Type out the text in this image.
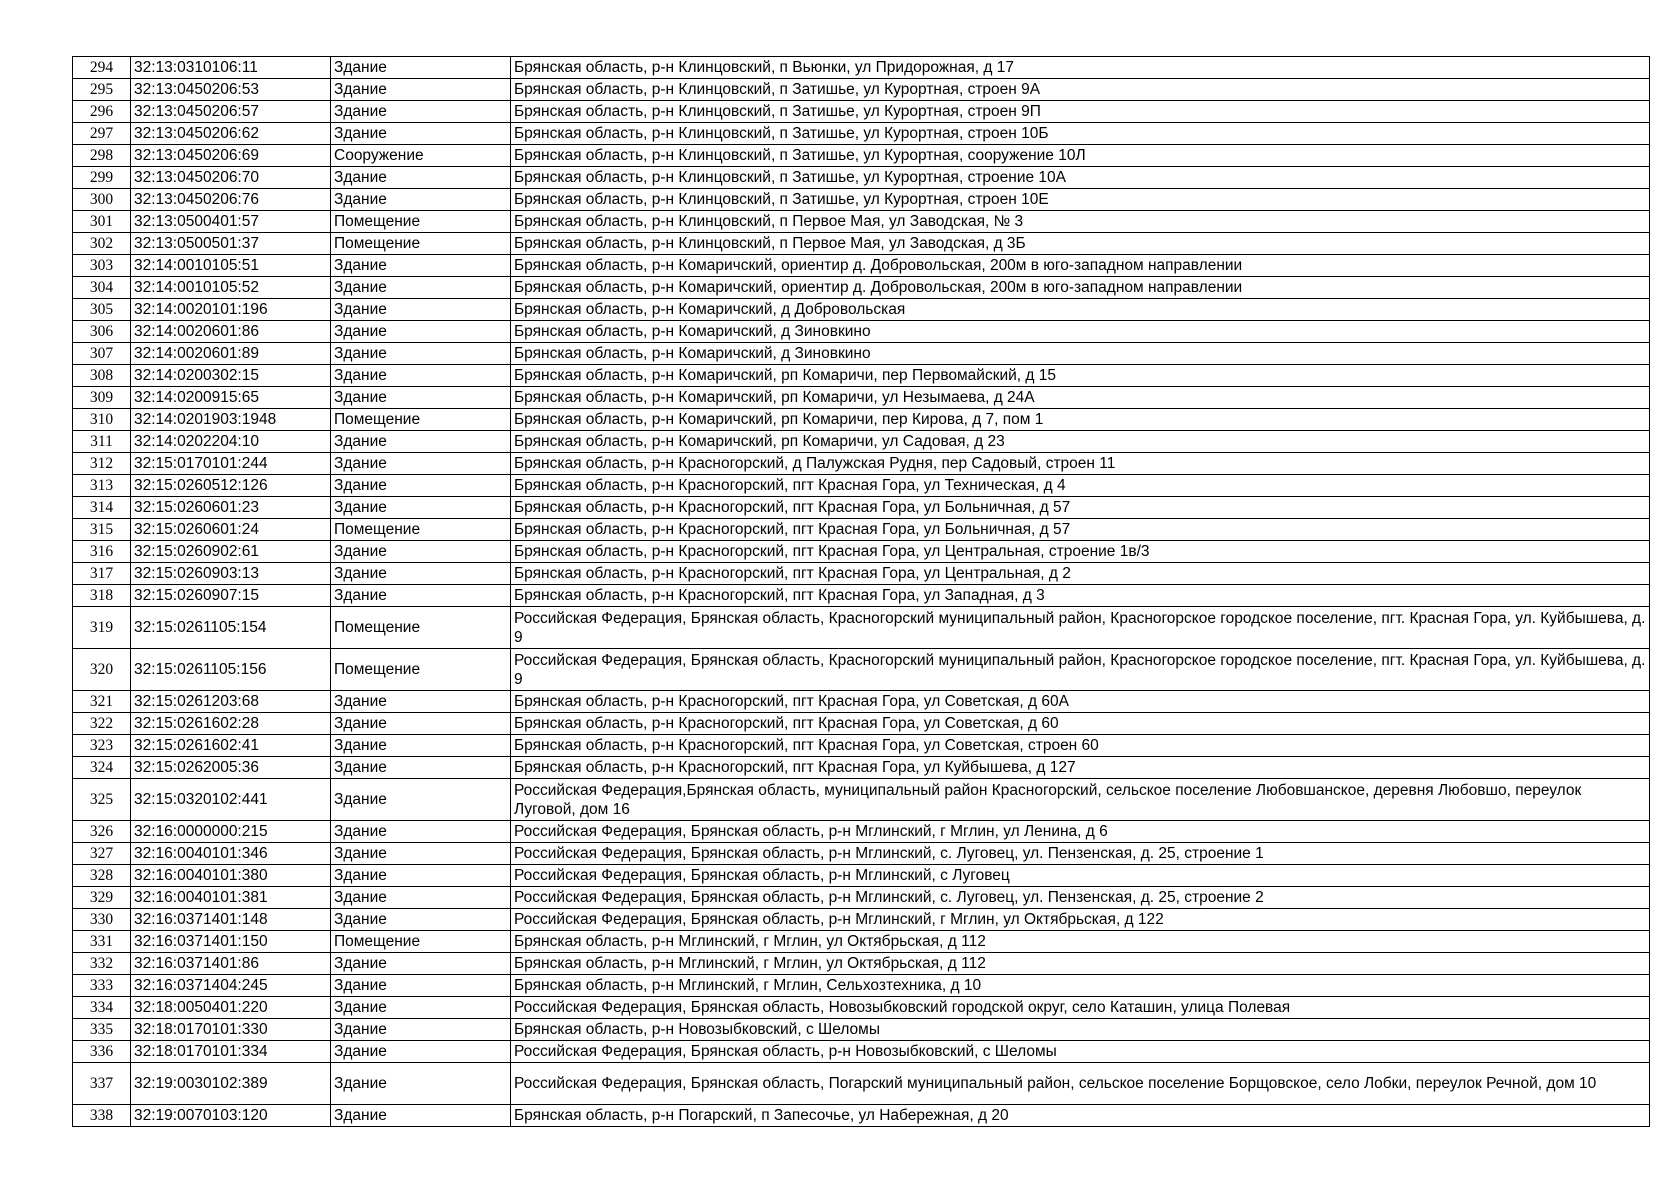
294	32:13:0310106:11	Здание	Брянская область, р-н Клинцовский, п Вьюнки, ул Придорожная, д 17
295	32:13:0450206:53	Здание	Брянская область, р-н Клинцовский, п Затишье, ул Курортная, строен 9А
296	32:13:0450206:57	Здание	Брянская область, р-н Клинцовский, п Затишье, ул Курортная, строен 9П
297	32:13:0450206:62	Здание	Брянская область, р-н Клинцовский, п Затишье, ул Курортная, строен 10Б
298	32:13:0450206:69	Сооружение	Брянская область, р-н Клинцовский, п Затишье, ул Курортная, сооружение 10Л
299	32:13:0450206:70	Здание	Брянская область, р-н Клинцовский, п Затишье, ул Курортная, строение 10А
300	32:13:0450206:76	Здание	Брянская область, р-н Клинцовский, п Затишье, ул Курортная, строен 10Е
301	32:13:0500401:57	Помещение	Брянская область, р-н Клинцовский, п Первое Мая, ул Заводская, № 3
302	32:13:0500501:37	Помещение	Брянская область, р-н Клинцовский, п Первое Мая, ул Заводская, д 3Б
303	32:14:0010105:51	Здание	Брянская область, р-н Комаричский, ориентир д. Добровольская, 200м в юго-западном направлении
304	32:14:0010105:52	Здание	Брянская область, р-н Комаричский, ориентир д. Добровольская, 200м в юго-западном направлении
305	32:14:0020101:196	Здание	Брянская область, р-н Комаричский, д Добровольская
306	32:14:0020601:86	Здание	Брянская область, р-н Комаричский, д Зиновкино
307	32:14:0020601:89	Здание	Брянская область, р-н Комаричский, д Зиновкино
308	32:14:0200302:15	Здание	Брянская область, р-н Комаричский, рп Комаричи, пер Первомайский, д 15
309	32:14:0200915:65	Здание	Брянская область, р-н Комаричский, рп Комаричи, ул Незымаева, д 24А
310	32:14:0201903:1948	Помещение	Брянская область, р-н Комаричский, рп Комаричи, пер Кирова, д 7, пом 1
311	32:14:0202204:10	Здание	Брянская область, р-н Комаричский, рп Комаричи, ул Садовая, д 23
312	32:15:0170101:244	Здание	Брянская область, р-н Красногорский, д Палужская Рудня, пер Садовый, строен 11
313	32:15:0260512:126	Здание	Брянская область, р-н Красногорский, пгт Красная Гора, ул Техническая, д 4
314	32:15:0260601:23	Здание	Брянская область, р-н Красногорский, пгт Красная Гора, ул Больничная, д 57
315	32:15:0260601:24	Помещение	Брянская область, р-н Красногорский, пгт Красная Гора, ул Больничная, д 57
316	32:15:0260902:61	Здание	Брянская область, р-н Красногорский, пгт Красная Гора, ул Центральная, строение 1в/3
317	32:15:0260903:13	Здание	Брянская область, р-н Красногорский, пгт Красная Гора, ул Центральная, д 2
318	32:15:0260907:15	Здание	Брянская область, р-н Красногорский, пгт Красная Гора, ул Западная, д 3
319	32:15:0261105:154	Помещение	Российская Федерация, Брянская область, Красногорский муниципальный район, Красногорское городское поселение, пгт. Красная Гора, ул. Куйбышева, д. 9
320	32:15:0261105:156	Помещение	Российская Федерация, Брянская область, Красногорский муниципальный район, Красногорское городское поселение, пгт. Красная Гора, ул. Куйбышева, д. 9
321	32:15:0261203:68	Здание	Брянская область, р-н Красногорский, пгт Красная Гора, ул Советская, д 60А
322	32:15:0261602:28	Здание	Брянская область, р-н Красногорский, пгт Красная Гора, ул Советская, д 60
323	32:15:0261602:41	Здание	Брянская область, р-н Красногорский, пгт Красная Гора, ул Советская, строен 60
324	32:15:0262005:36	Здание	Брянская область, р-н Красногорский, пгт Красная Гора, ул Куйбышева, д 127
325	32:15:0320102:441	Здание	Российская Федерация,Брянская область, муниципальный район Красногорский, сельское поселение Любовшанское, деревня Любовшо, переулок Луговой, дом 16
326	32:16:0000000:215	Здание	Российская Федерация, Брянская область, р-н Мглинский, г Мглин, ул Ленина, д 6
327	32:16:0040101:346	Здание	Российская Федерация, Брянская область, р-н Мглинский, с. Луговец, ул. Пензенская, д. 25, строение 1
328	32:16:0040101:380	Здание	Российская Федерация, Брянская область, р-н Мглинский, с Луговец
329	32:16:0040101:381	Здание	Российская Федерация, Брянская область, р-н Мглинский, с. Луговец, ул. Пензенская, д. 25, строение 2
330	32:16:0371401:148	Здание	Российская Федерация, Брянская область, р-н Мглинский, г Мглин, ул Октябрьская, д 122
331	32:16:0371401:150	Помещение	Брянская область, р-н Мглинский, г Мглин, ул Октябрьская, д 112
332	32:16:0371401:86	Здание	Брянская область, р-н Мглинский, г Мглин, ул Октябрьская, д 112
333	32:16:0371404:245	Здание	Брянская область, р-н Мглинский, г Мглин, Сельхозтехника, д 10
334	32:18:0050401:220	Здание	Российская Федерация, Брянская область, Новозыбковский городской округ, село Каташин, улица Полевая
335	32:18:0170101:330	Здание	Брянская область, р-н Новозыбковский, с Шеломы
336	32:18:0170101:334	Здание	Российская Федерация, Брянская область, р-н Новозыбковский, с Шеломы
337	32:19:0030102:389	Здание	Российская Федерация, Брянская область, Погарский муниципальный район, сельское поселение Борщовское, село Лобки, переулок Речной, дом 10
338	32:19:0070103:120	Здание	Брянская область, р-н Погарский, п Запесочье, ул Набережная, д 20
